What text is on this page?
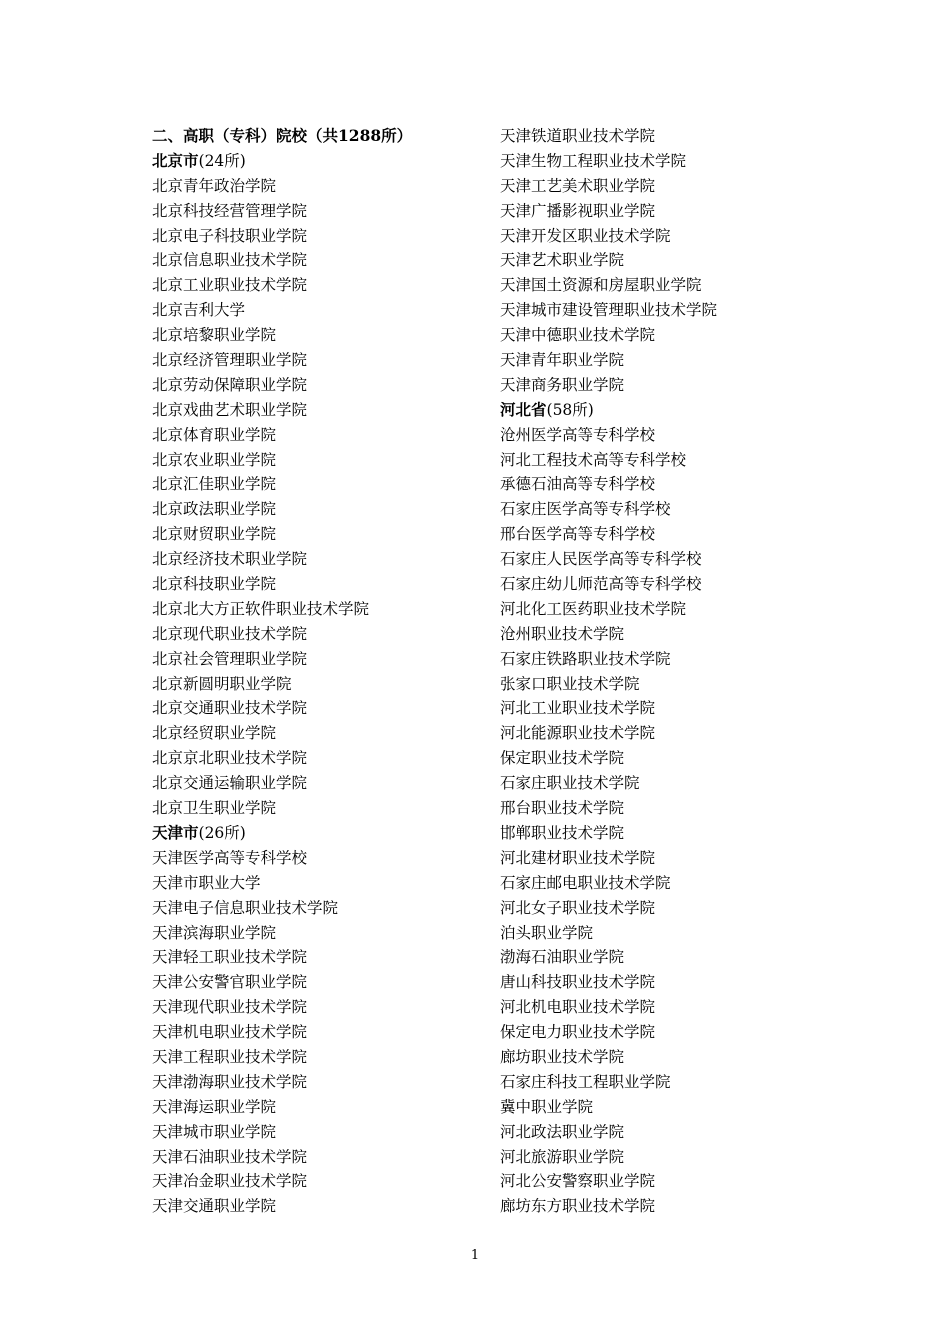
二、高职（专科）院校（共1288所）
北京市(24所)
北京青年政治学院
北京科技经营管理学院
北京电子科技职业学院
北京信息职业技术学院
北京工业职业技术学院
北京吉利大学
北京培黎职业学院
北京经济管理职业学院
北京劳动保障职业学院
北京戏曲艺术职业学院
北京体育职业学院
北京农业职业学院
北京汇佳职业学院
北京政法职业学院
北京财贸职业学院
北京经济技术职业学院
北京科技职业学院
北京北大方正软件职业技术学院
北京现代职业技术学院
北京社会管理职业学院
北京新圆明职业学院
北京交通职业技术学院
北京经贸职业学院
北京京北职业技术学院
北京交通运输职业学院
北京卫生职业学院
天津市(26所)
天津医学高等专科学校
天津市职业大学
天津电子信息职业技术学院
天津滨海职业学院
天津轻工职业技术学院
天津公安警官职业学院
天津现代职业技术学院
天津机电职业技术学院
天津工程职业技术学院
天津渤海职业技术学院
天津海运职业学院
天津城市职业学院
天津石油职业技术学院
天津冶金职业技术学院
天津交通职业学院
天津铁道职业技术学院
天津生物工程职业技术学院
天津工艺美术职业学院
天津广播影视职业学院
天津开发区职业技术学院
天津艺术职业学院
天津国土资源和房屋职业学院
天津城市建设管理职业技术学院
天津中德职业技术学院
天津青年职业学院
天津商务职业学院
河北省(58所)
沧州医学高等专科学校
河北工程技术高等专科学校
承德石油高等专科学校
石家庄医学高等专科学校
邢台医学高等专科学校
石家庄人民医学高等专科学校
石家庄幼儿师范高等专科学校
河北化工医药职业技术学院
沧州职业技术学院
石家庄铁路职业技术学院
张家口职业技术学院
河北工业职业技术学院
河北能源职业技术学院
保定职业技术学院
石家庄职业技术学院
邢台职业技术学院
邯郸职业技术学院
河北建材职业技术学院
石家庄邮电职业技术学院
河北女子职业技术学院
泊头职业学院
渤海石油职业学院
唐山科技职业技术学院
河北机电职业技术学院
保定电力职业技术学院
廊坊职业技术学院
石家庄科技工程职业学院
冀中职业学院
河北政法职业学院
河北旅游职业学院
河北公安警察职业学院
廊坊东方职业技术学院
1
